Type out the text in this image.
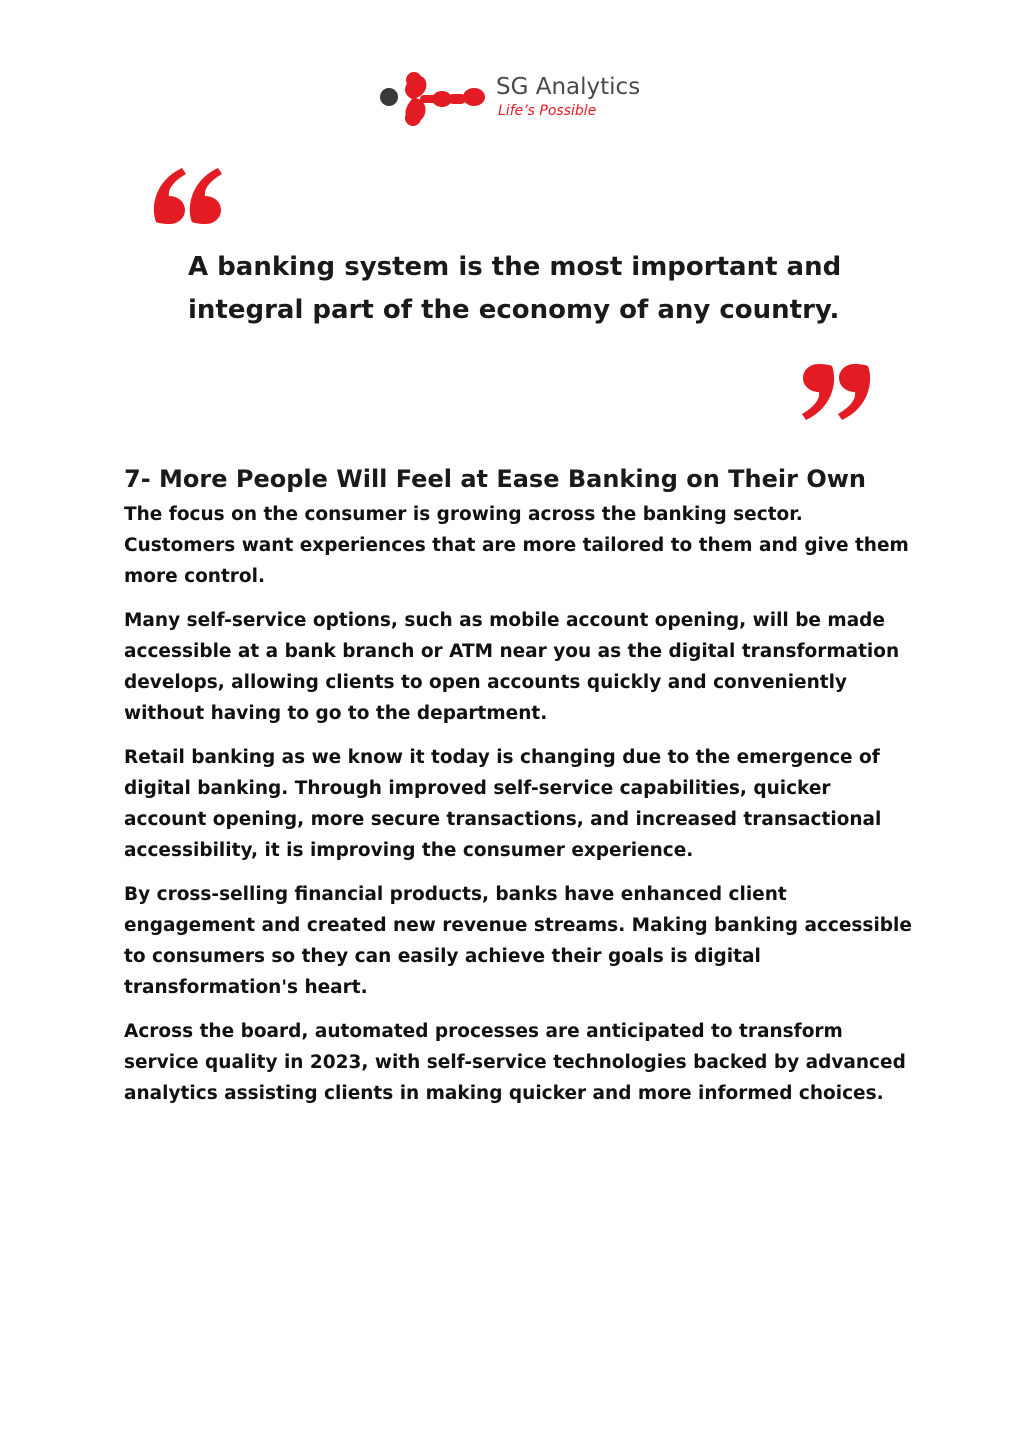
SG Analytics
Life’s Possible

A banking system is the most important and integral part of the economy of any country.

7- More People Will Feel at Ease Banking on Their Own

The focus on the consumer is growing across the banking sector. Customers want experiences that are more tailored to them and give them more control.

Many self-service options, such as mobile account opening, will be made accessible at a bank branch or ATM near you as the digital transformation develops, allowing clients to open accounts quickly and conveniently without having to go to the department.

Retail banking as we know it today is changing due to the emergence of digital banking. Through improved self-service capabilities, quicker account opening, more secure transactions, and increased transactional accessibility, it is improving the consumer experience.

By cross-selling financial products, banks have enhanced client engagement and created new revenue streams. Making banking accessible to consumers so they can easily achieve their goals is digital transformation's heart.

Across the board, automated processes are anticipated to transform service quality in 2023, with self-service technologies backed by advanced analytics assisting clients in making quicker and more informed choices.
